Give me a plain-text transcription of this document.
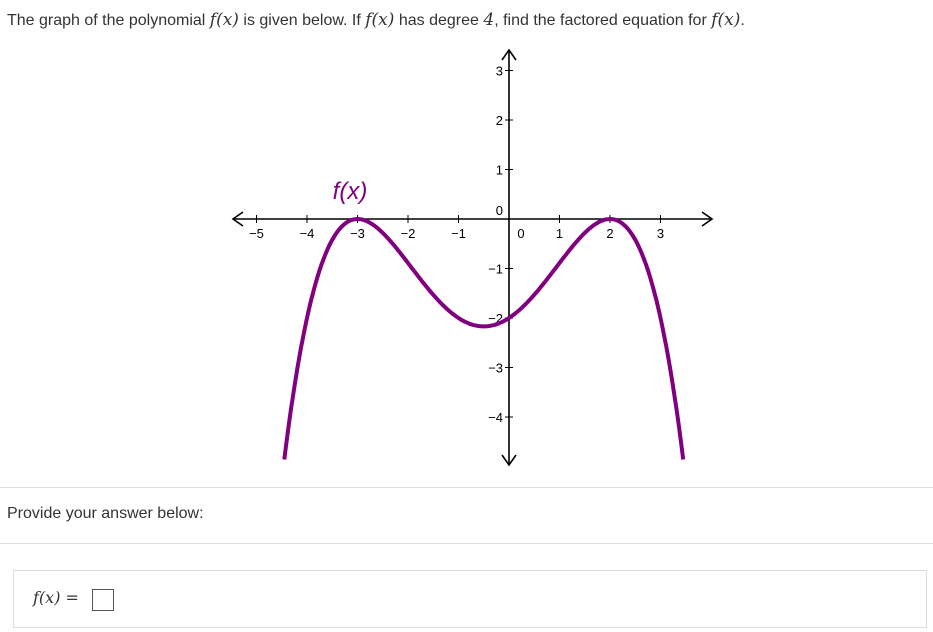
The graph of the polynomial f(x) is given below. If f(x) has degree 4, find the factored equation for f(x).
−5	−4	−3	−2	−1	0 1	2	3
3
2
1
0
−1
−2
−3
−4
f(x)
Provide your answer below:
f(x) =
